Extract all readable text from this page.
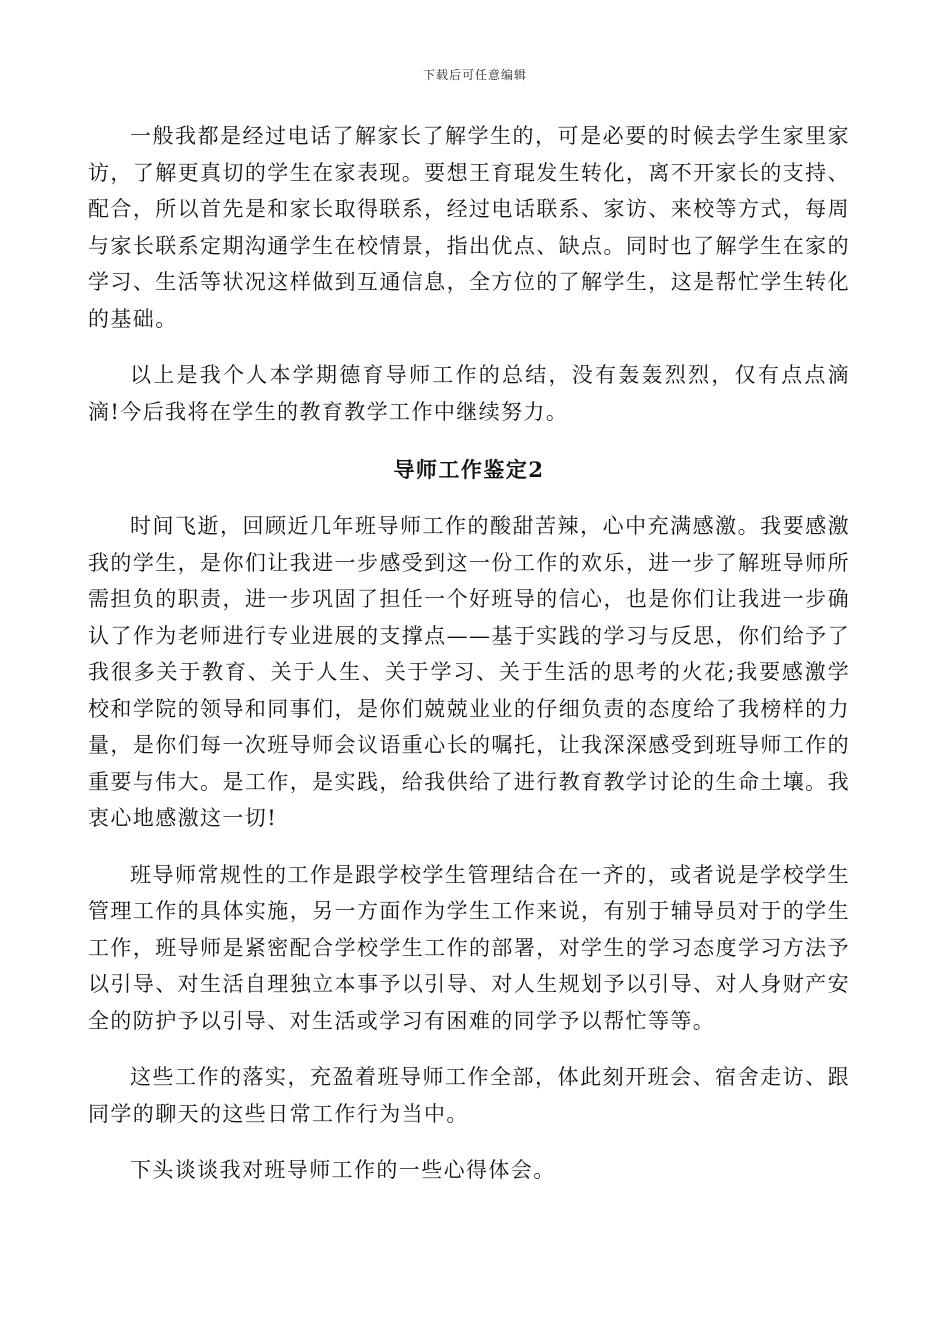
下载后可任意编辑

一般我都是经过电话了解家长了解学生的，可是必要的时候去学生家里家访，了解更真切的学生在家表现。要想王育琨发生转化，离不开家长的支持、配合，所以首先是和家长取得联系，经过电话联系、家访、来校等方式，每周与家长联系定期沟通学生在校情景，指出优点、缺点。同时也了解学生在家的学习、生活等状况这样做到互通信息，全方位的了解学生，这是帮忙学生转化的基础。

以上是我个人本学期德育导师工作的总结，没有轰轰烈烈，仅有点点滴滴!今后我将在学生的教育教学工作中继续努力。

导师工作鉴定2

时间飞逝，回顾近几年班导师工作的酸甜苦辣，心中充满感激。我要感激我的学生，是你们让我进一步感受到这一份工作的欢乐，进一步了解班导师所需担负的职责，进一步巩固了担任一个好班导的信心，也是你们让我进一步确认了作为老师进行专业进展的支撑点——基于实践的学习与反思，你们给予了我很多关于教育、关于人生、关于学习、关于生活的思考的火花;我要感激学校和学院的领导和同事们，是你们兢兢业业的仔细负责的态度给了我榜样的力量，是你们每一次班导师会议语重心长的嘱托，让我深深感受到班导师工作的重要与伟大。是工作，是实践，给我供给了进行教育教学讨论的生命土壤。我衷心地感激这一切!

班导师常规性的工作是跟学校学生管理结合在一齐的，或者说是学校学生管理工作的具体实施，另一方面作为学生工作来说，有别于辅导员对于的学生工作，班导师是紧密配合学校学生工作的部署，对学生的学习态度学习方法予以引导、对生活自理独立本事予以引导、对人生规划予以引导、对人身财产安全的防护予以引导、对生活或学习有困难的同学予以帮忙等等。

这些工作的落实，充盈着班导师工作全部，体此刻开班会、宿舍走访、跟同学的聊天的这些日常工作行为当中。

下头谈谈我对班导师工作的一些心得体会。
